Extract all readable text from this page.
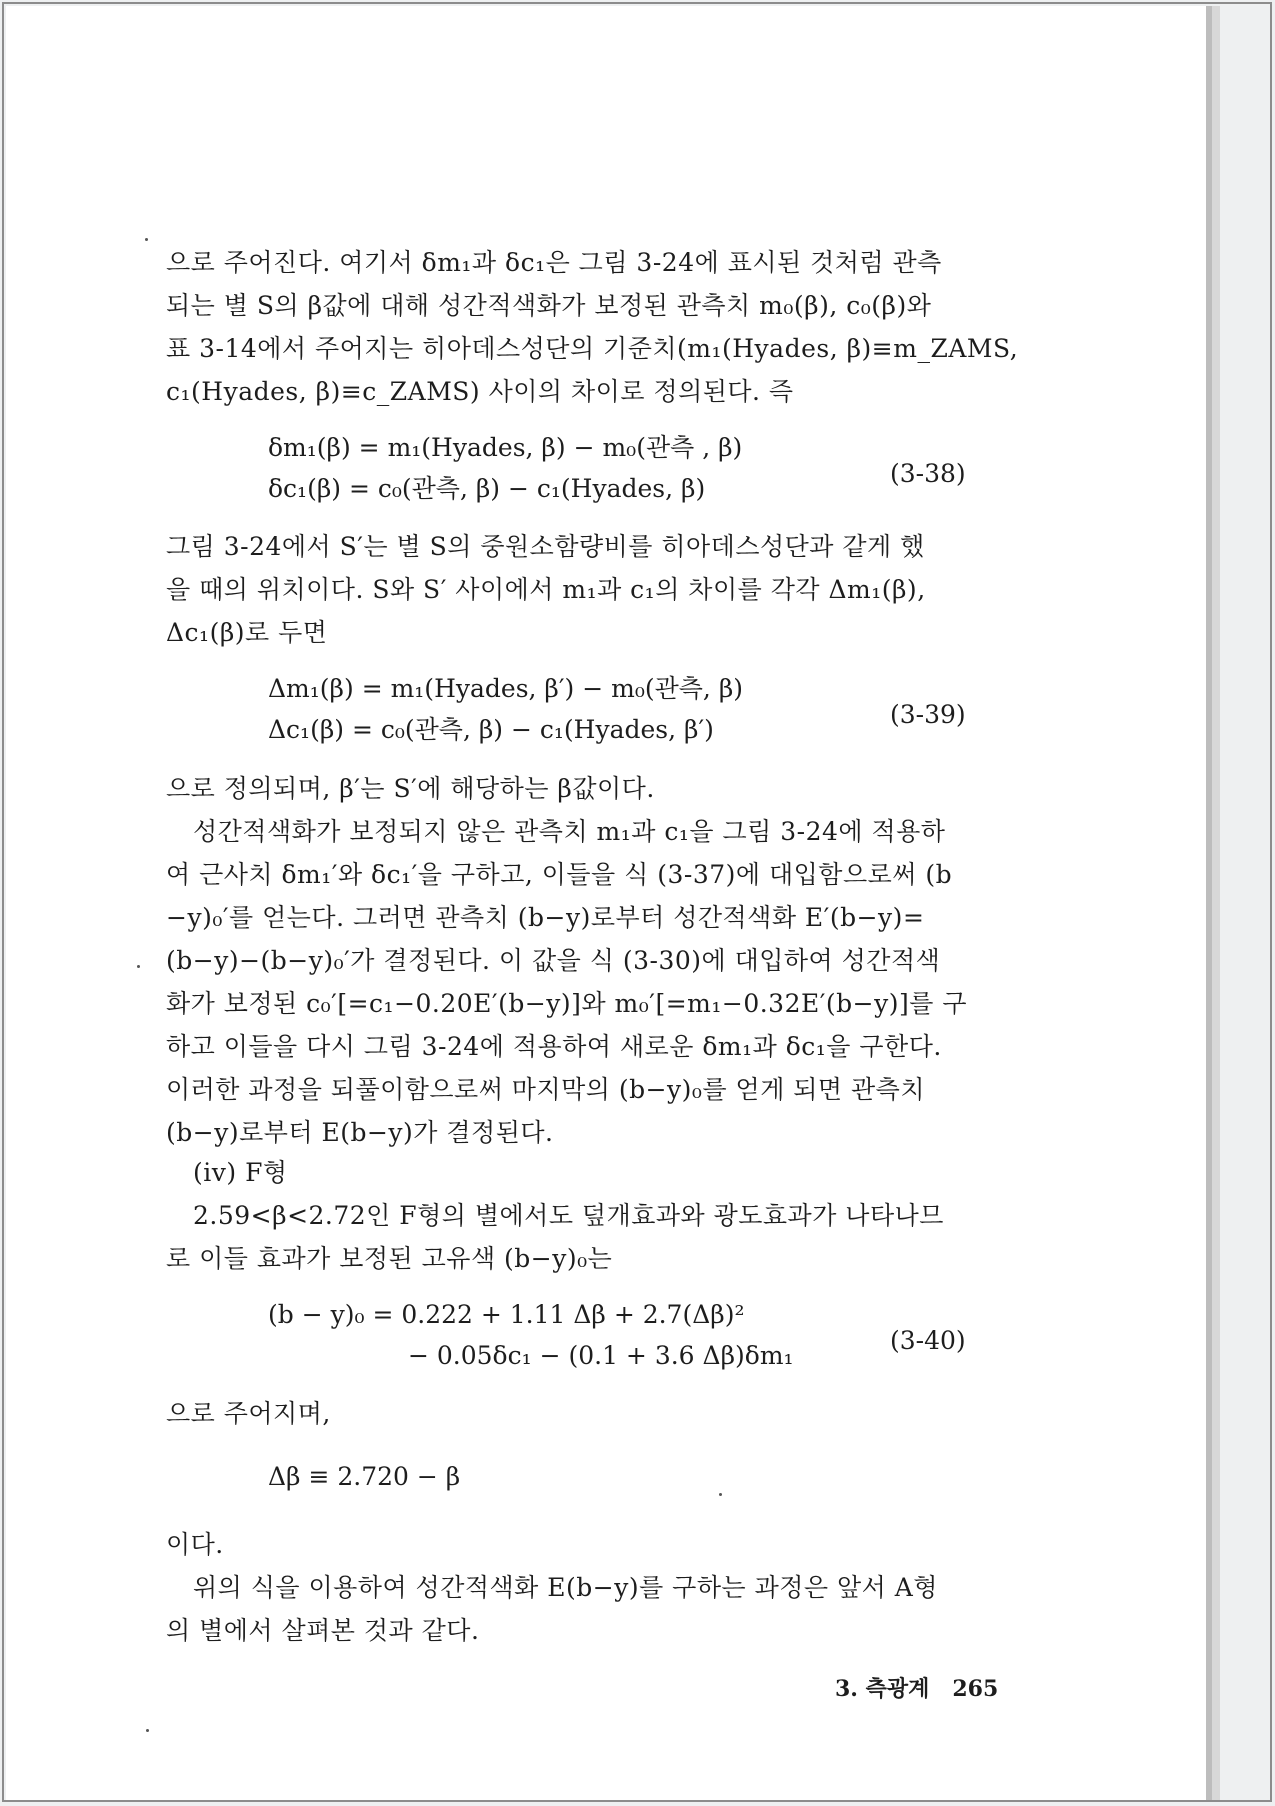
으로 주어진다. 여기서 δm₁과 δc₁은 그림 3-24에 표시된 것처럼 관측
되는 별 S의 β값에 대해 성간적색화가 보정된 관측치 m₀(β), c₀(β)와
표 3-14에서 주어지는 히아데스성단의 기준치(m₁(Hyades, β)≡m_ZAMS,
c₁(Hyades, β)≡c_ZAMS) 사이의 차이로 정의된다. 즉
δm₁(β) = m₁(Hyades, β) − m₀(관측 , β)
δc₁(β) = c₀(관측, β) − c₁(Hyades, β)
(3-38)
그림 3-24에서 S′는 별 S의 중원소함량비를 히아데스성단과 같게 했
을 때의 위치이다. S와 S′ 사이에서 m₁과 c₁의 차이를 각각 Δm₁(β),
Δc₁(β)로 두면
Δm₁(β) = m₁(Hyades, β′) − m₀(관측, β)
Δc₁(β) = c₀(관측, β) − c₁(Hyades, β′)
(3-39)
으로 정의되며, β′는 S′에 해당하는 β값이다.
성간적색화가 보정되지 않은 관측치 m₁과 c₁을 그림 3-24에 적용하
여 근사치 δm₁′와 δc₁′을 구하고, 이들을 식 (3-37)에 대입함으로써 (b
−y)₀′를 얻는다. 그러면 관측치 (b−y)로부터 성간적색화 E′(b−y)=
(b−y)−(b−y)₀′가 결정된다. 이 값을 식 (3-30)에 대입하여 성간적색
화가 보정된 c₀′[=c₁−0.20E′(b−y)]와 m₀′[=m₁−0.32E′(b−y)]를 구
하고 이들을 다시 그림 3-24에 적용하여 새로운 δm₁과 δc₁을 구한다.
이러한 과정을 되풀이함으로써 마지막의 (b−y)₀를 얻게 되면 관측치
(b−y)로부터 E(b−y)가 결정된다.
(iv) F형
2.59<β<2.72인 F형의 별에서도 덮개효과와 광도효과가 나타나므
로 이들 효과가 보정된 고유색 (b−y)₀는
(b − y)₀ = 0.222 + 1.11 Δβ + 2.7(Δβ)²
− 0.05δc₁ − (0.1 + 3.6 Δβ)δm₁
(3-40)
으로 주어지며,
Δβ ≡ 2.720 − β
이다.
위의 식을 이용하여 성간적색화 E(b−y)를 구하는 과정은 앞서 A형
의 별에서 살펴본 것과 같다.
3. 측광계 265
